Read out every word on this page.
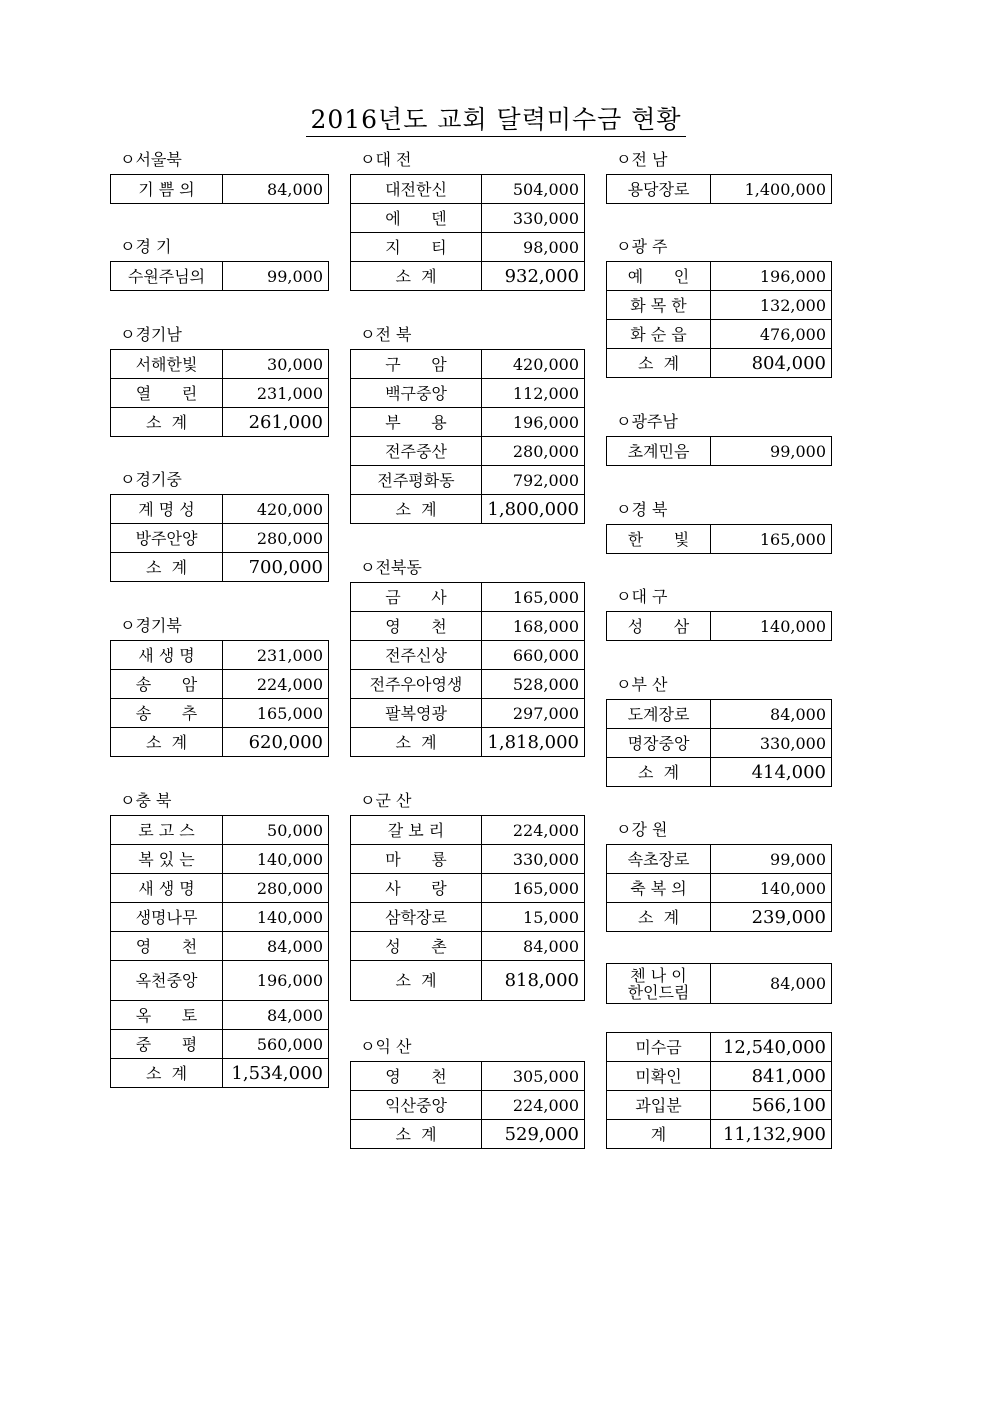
2016년도 교회 달력미수금 현황
ㅇ서울북
기 쁨 의	84,000
ㅇ경 기
수원주님의	99,000
ㅇ경기남
서해한빛	30,000
열      린	231,000
소  계	261,000
ㅇ경기중
계 명 성	420,000
방주안양	280,000
소  계	700,000
ㅇ경기북
새 생 명	231,000
송      암	224,000
송      추	165,000
소  계	620,000
ㅇ충 북
로 고 스	50,000
복 있 는	140,000
새 생 명	280,000
생명나무	140,000
영      천	84,000
옥천중앙	196,000
옥      토	84,000
중      평	560,000
소  계	1,534,000
ㅇ대 전
대전한신	504,000
에      덴	330,000
지      티	98,000
소  계	932,000
ㅇ전 북
구      암	420,000
백구중앙	112,000
부      용	196,000
전주중산	280,000
전주평화동	792,000
소  계	1,800,000
ㅇ전북동
금      사	165,000
영      천	168,000
전주신상	660,000
전주우아영생	528,000
팔복영광	297,000
소  계	1,818,000
ㅇ군 산
갈 보 리	224,000
마      룡	330,000
사      랑	165,000
삼학장로	15,000
성      촌	84,000
소  계	818,000
ㅇ익 산
영      천	305,000
익산중앙	224,000
소  계	529,000
ㅇ전 남
용당장로	1,400,000
ㅇ광 주
예      인	196,000
화 목 한	132,000
화 순 읍	476,000
소  계	804,000
ㅇ광주남
초계민음	99,000
ㅇ경 북
한      빛	165,000
ㅇ대 구
성      삼	140,000
ㅇ부 산
도계장로	84,000
명장중앙	330,000
소  계	414,000
ㅇ강 원
속초장로	99,000
축 복 의	140,000
소  계	239,000
첸 나 이
한인드림	84,000
미수금	12,540,000
미확인	841,000
과입분	566,100
계	11,132,900
